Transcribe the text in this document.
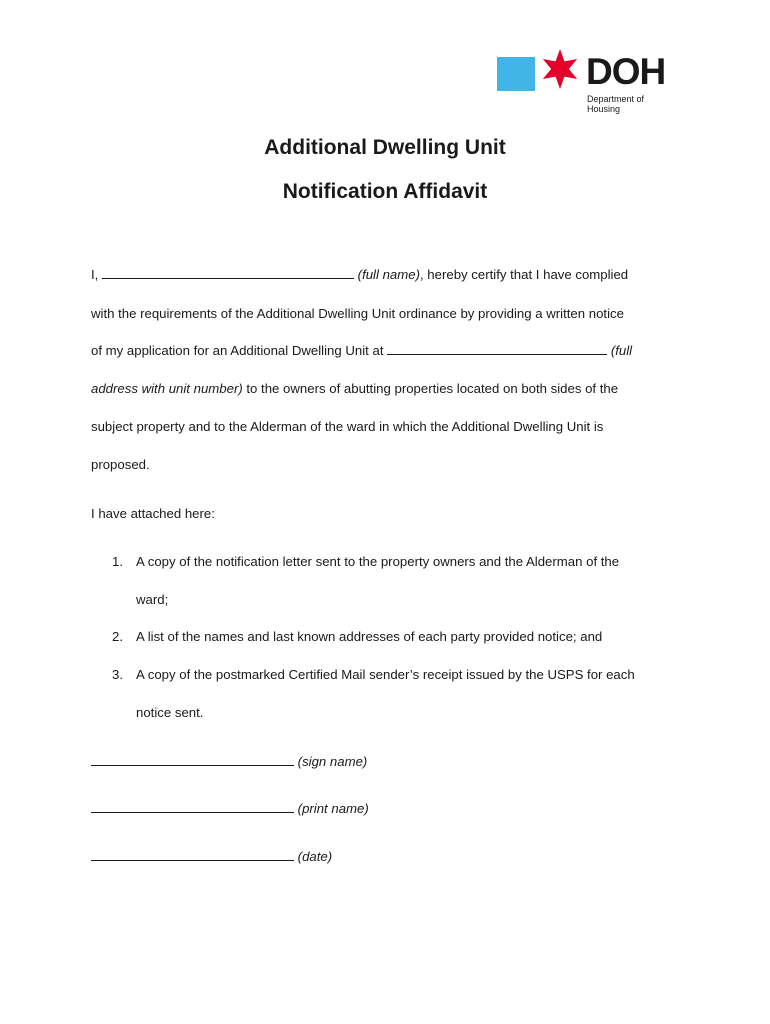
DOH
Department of
Housing
Additional Dwelling Unit
Notification Affidavit
I,	(full name), hereby certify that I have complied
with the requirements of the Additional Dwelling Unit ordinance by providing a written notice
of my application for an Additional Dwelling Unit at	(full
address with unit number) to the owners of abutting properties located on both sides of the
subject property and to the Alderman of the ward in which the Additional Dwelling Unit is
proposed.
I have attached here:
1. A copy of the notification letter sent to the property owners and the Alderman of the
ward;
2. A list of the names and last known addresses of each party provided notice; and
3. A copy of the postmarked Certified Mail sender’s receipt issued by the USPS for each
notice sent.
(sign name)
(print name)
(date)
